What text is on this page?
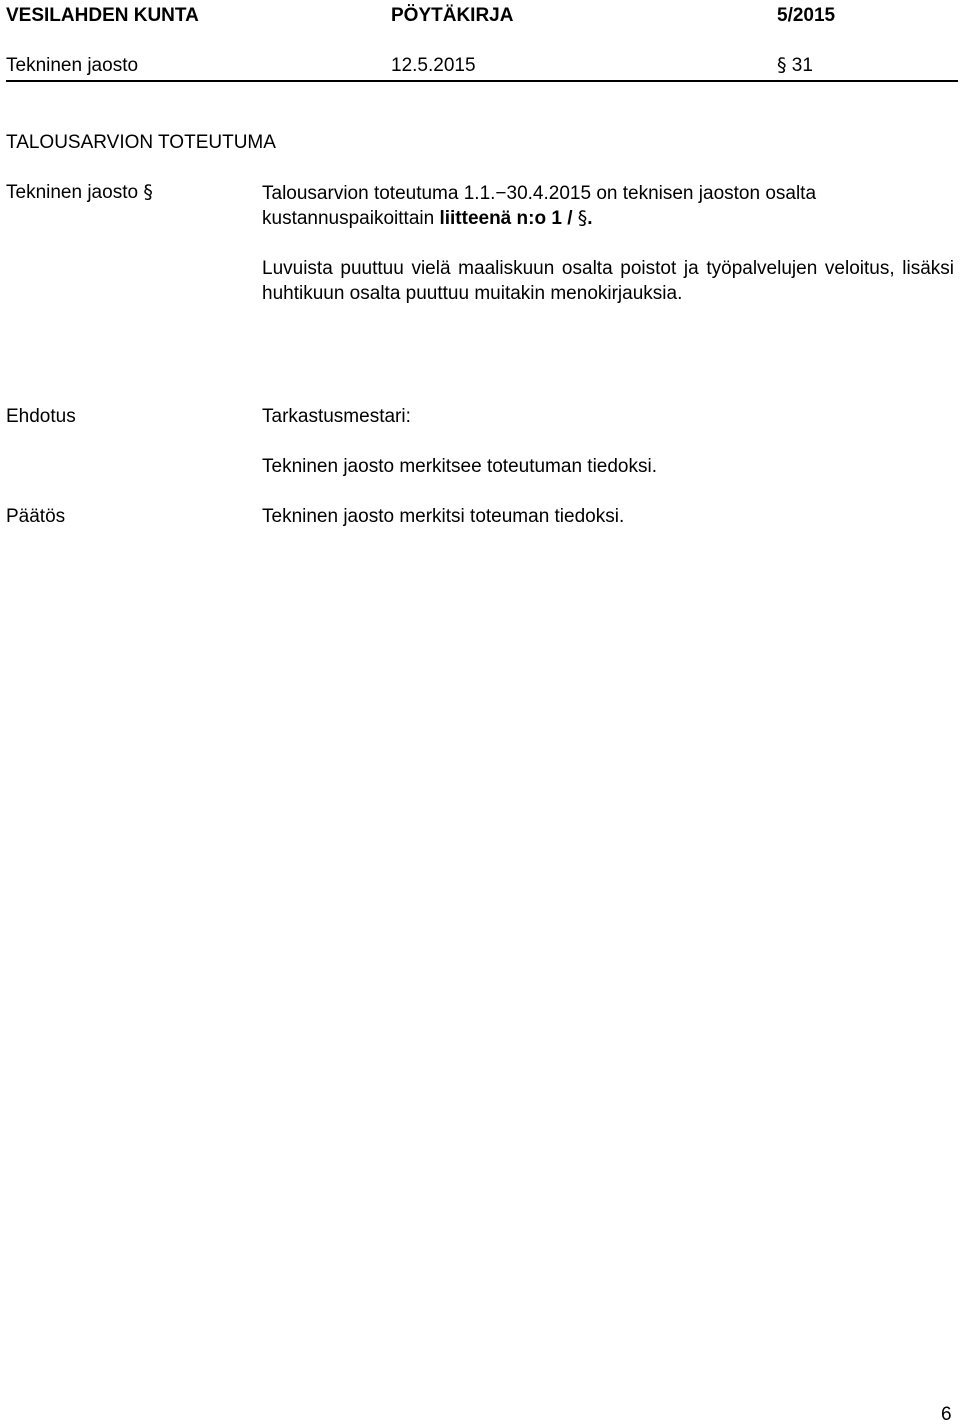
VESILAHDEN KUNTA	PÖYTÄKIRJA	5/2015
Tekninen jaosto	12.5.2015	§ 31
TALOUSARVION TOTEUTUMA
Tekninen jaosto §	Talousarvion toteutuma 1.1.−30.4.2015 on teknisen jaoston osalta
kustannuspaikoittain liitteenä n:o 1 / §.
Luvuista puuttuu vielä maaliskuun osalta poistot ja työpalvelujen veloitus, lisäksi huhtikuun osalta puuttuu muitakin menokirjauksia.
Ehdotus	Tarkastusmestari:
Tekninen jaosto merkitsee toteutuman tiedoksi.
Päätös	Tekninen jaosto merkitsi toteuman tiedoksi.
6
